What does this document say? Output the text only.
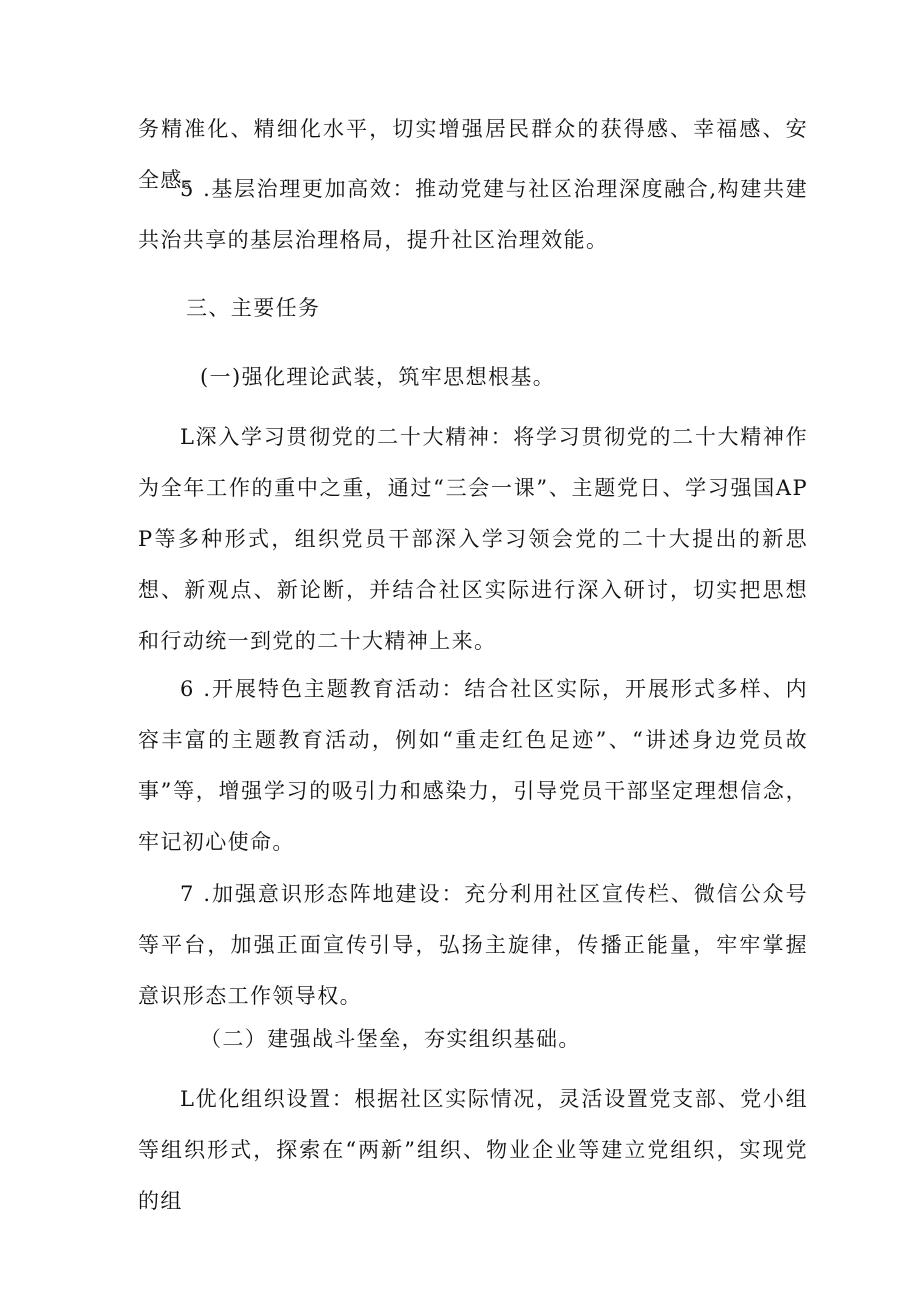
务精准化、精细化水平，切实增强居民群众的获得感、幸福感、安全感。

5 .基层治理更加高效：推动党建与社区治理深度融合,构建共建共治共享的基层治理格局，提升社区治理效能。

三、主要任务

(一)强化理论武装，筑牢思想根基。

L深入学习贯彻党的二十大精神：将学习贯彻党的二十大精神作为全年工作的重中之重，通过“三会一课”、主题党日、学习强国APP等多种形式，组织党员干部深入学习领会党的二十大提出的新思想、新观点、新论断，并结合社区实际进行深入研讨，切实把思想和行动统一到党的二十大精神上来。

6 .开展特色主题教育活动：结合社区实际，开展形式多样、内容丰富的主题教育活动，例如“重走红色足迹”、“讲述身边党员故事”等，增强学习的吸引力和感染力，引导党员干部坚定理想信念，牢记初心使命。

7 .加强意识形态阵地建设：充分利用社区宣传栏、微信公众号等平台，加强正面宣传引导，弘扬主旋律，传播正能量，牢牢掌握意识形态工作领导权。

（二）建强战斗堡垒，夯实组织基础。

L优化组织设置：根据社区实际情况，灵活设置党支部、党小组等组织形式，探索在“两新”组织、物业企业等建立党组织，实现党的组
